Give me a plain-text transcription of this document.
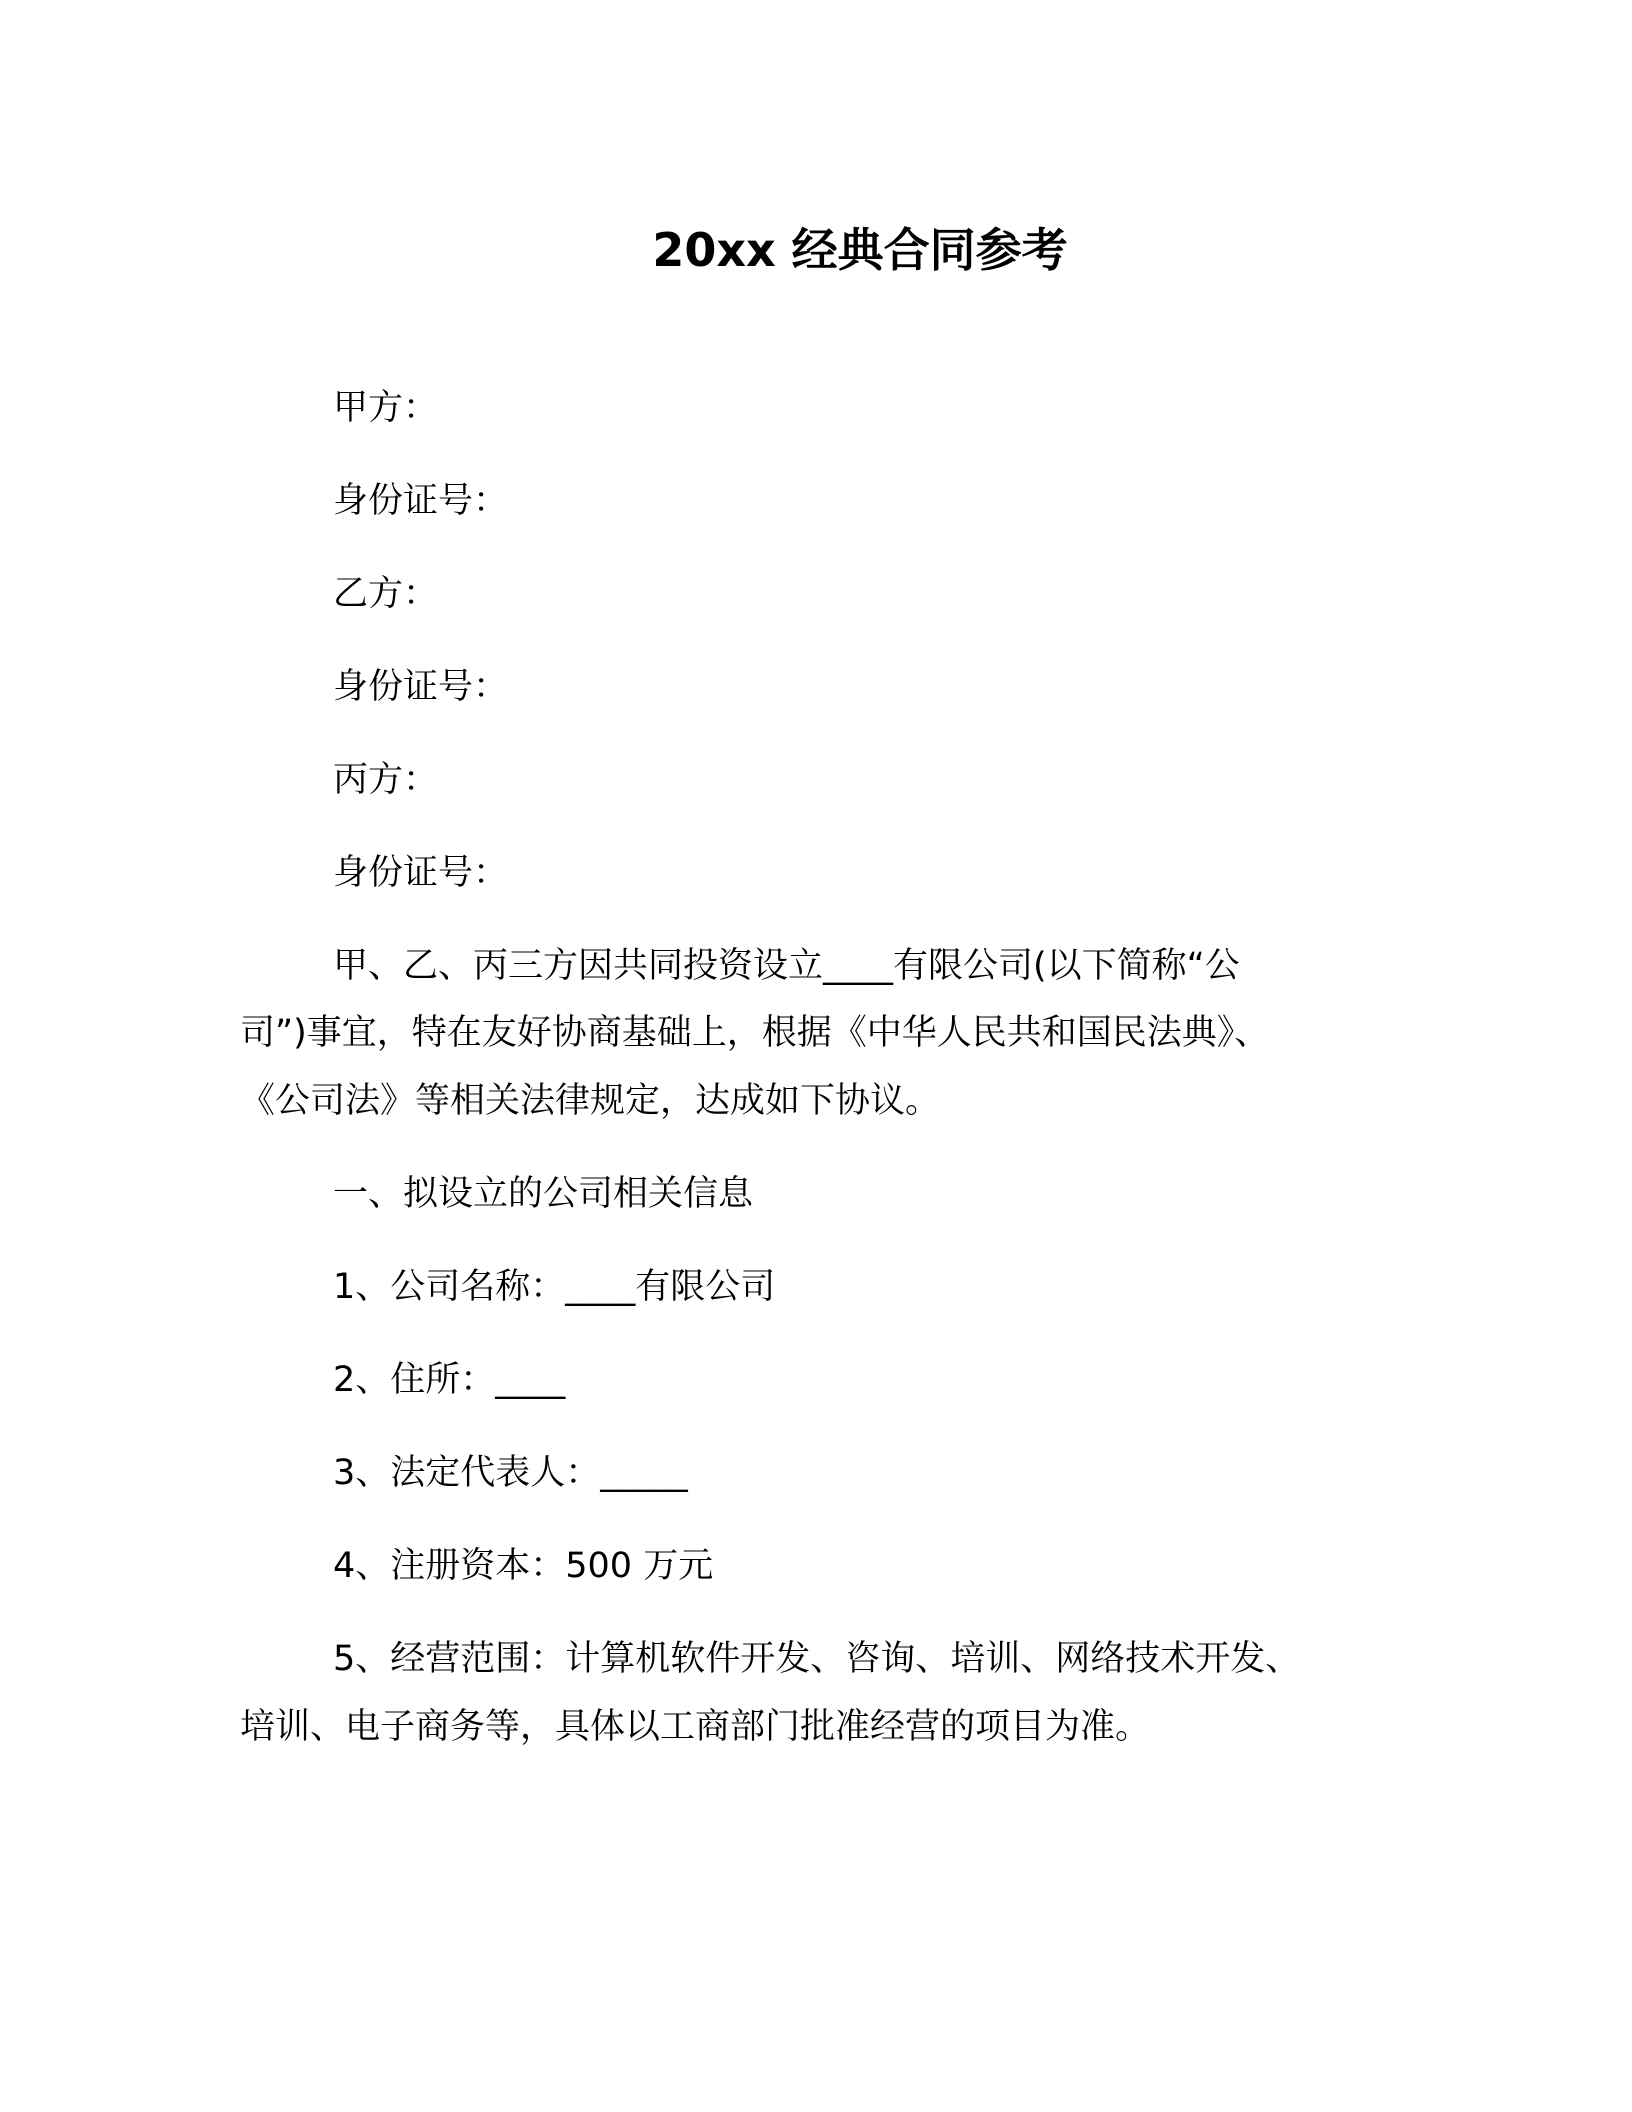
20xx 经典合同参考
甲方：
身份证号：
乙方：
身份证号：
丙方：
身份证号：
甲、乙、丙三方因共同投资设立____有限公司(以下简称“公
司”)事宜，特在友好协商基础上，根据《中华人民共和国民法典》、
《公司法》等相关法律规定，达成如下协议。
一、拟设立的公司相关信息
1、公司名称：____有限公司
2、住所：____
3、法定代表人：_____
4、注册资本：500 万元
5、经营范围：计算机软件开发、咨询、培训、网络技术开发、
培训、电子商务等，具体以工商部门批准经营的项目为准。
